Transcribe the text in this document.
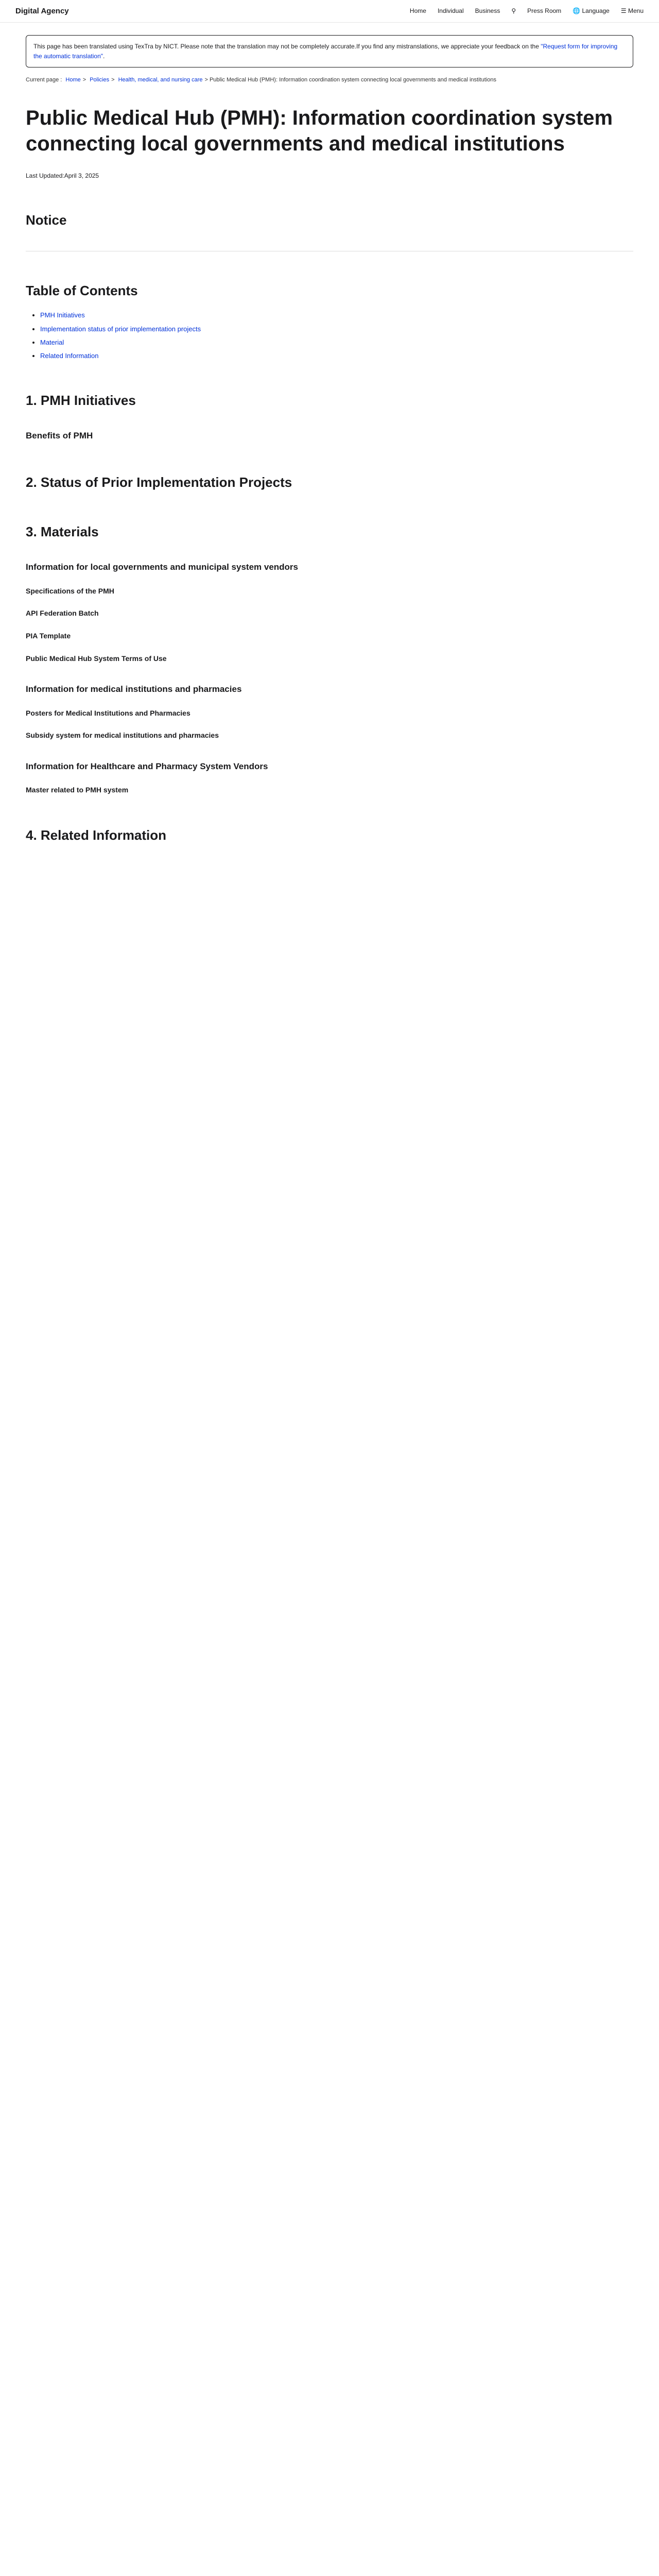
Digital Agency	Home Individual Business ⚲ Press Room 🌐 Language ☰ Menu
This page has been translated using TexTra by NICT. Please note that the translation may not be completely accurate.If you find any mistranslations, we appreciate your feedback on the "Request form for improving the automatic translation".
Current page : Home > Policies > Health, medical, and nursing care > Public Medical Hub (PMH): Information coordination system connecting local governments and medical institutions
Public Medical Hub (PMH): Information coordination system connecting local governments and medical institutions
Last Updated:April 3, 2025
Notice
Table of Contents
• PMH Initiatives
• Implementation status of prior implementation projects
• Material
• Related Information
1. PMH Initiatives
Benefits of PMH
2. Status of Prior Implementation Projects
3. Materials
Information for local governments and municipal system vendors
Specifications of the PMH
API Federation Batch
PIA Template
Public Medical Hub System Terms of Use
Information for medical institutions and pharmacies
Posters for Medical Institutions and Pharmacies
Subsidy system for medical institutions and pharmacies
Information for Healthcare and Pharmacy System Vendors
Master related to PMH system
4. Related Information
